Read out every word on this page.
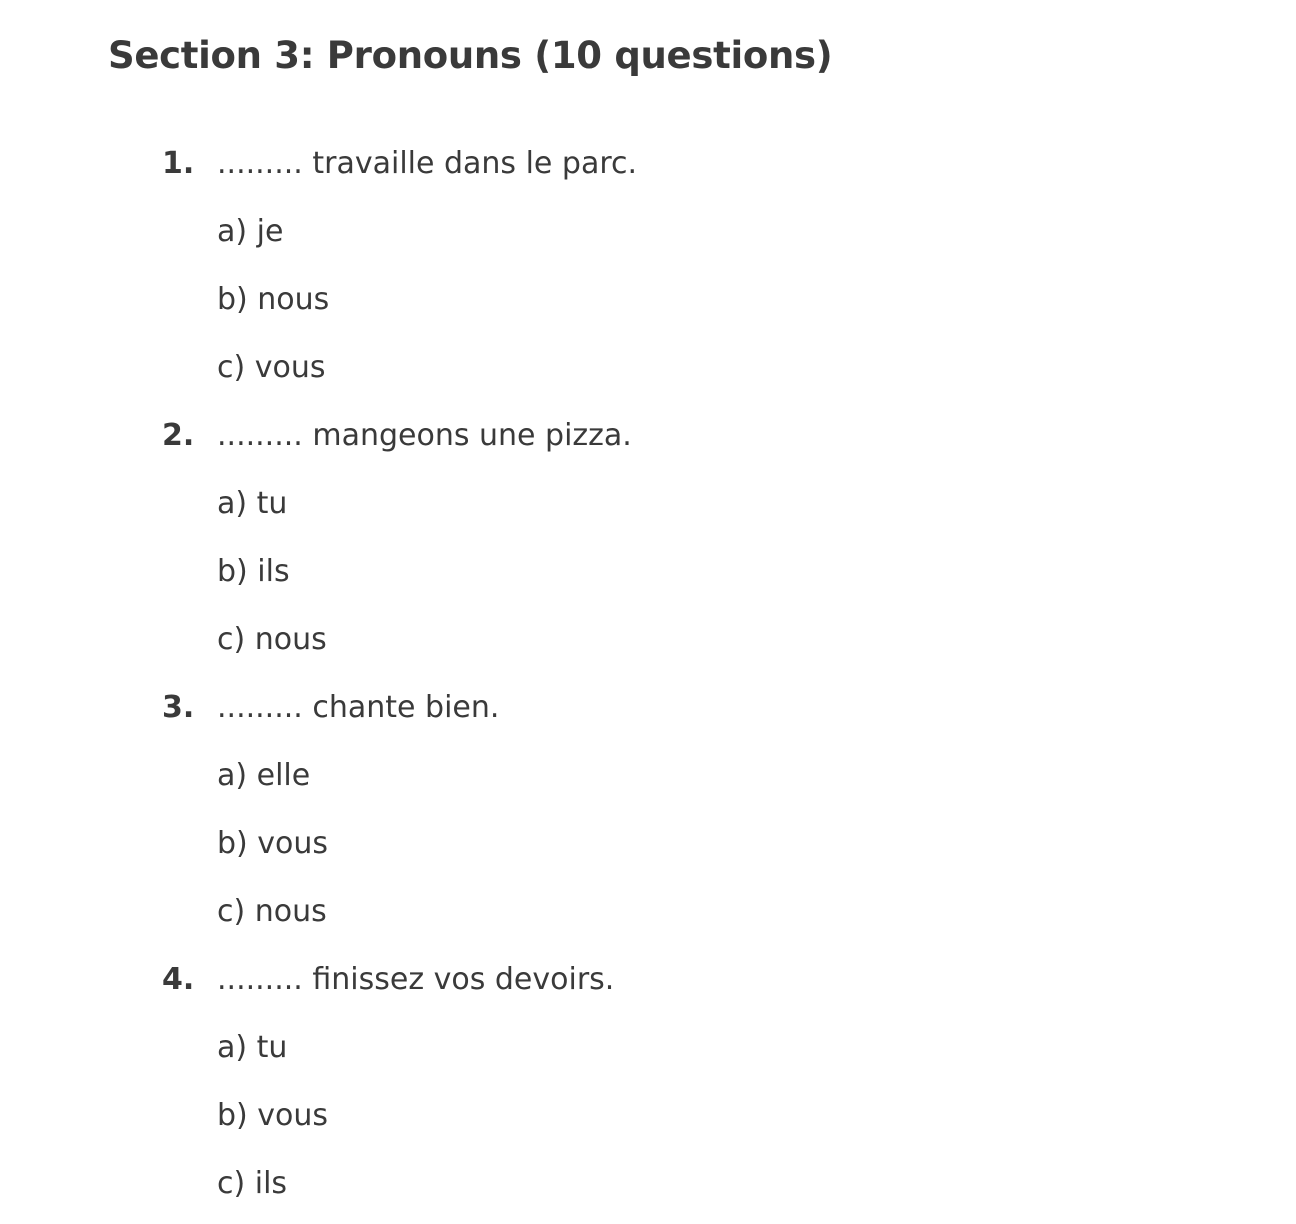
Section 3: Pronouns (10 questions)
1. ......... travaille dans le parc.
a) je
b) nous
c) vous
2. ......... mangeons une pizza.
a) tu
b) ils
c) nous
3. ......... chante bien.
a) elle
b) vous
c) nous
4. ......... finissez vos devoirs.
a) tu
b) vous
c) ils
